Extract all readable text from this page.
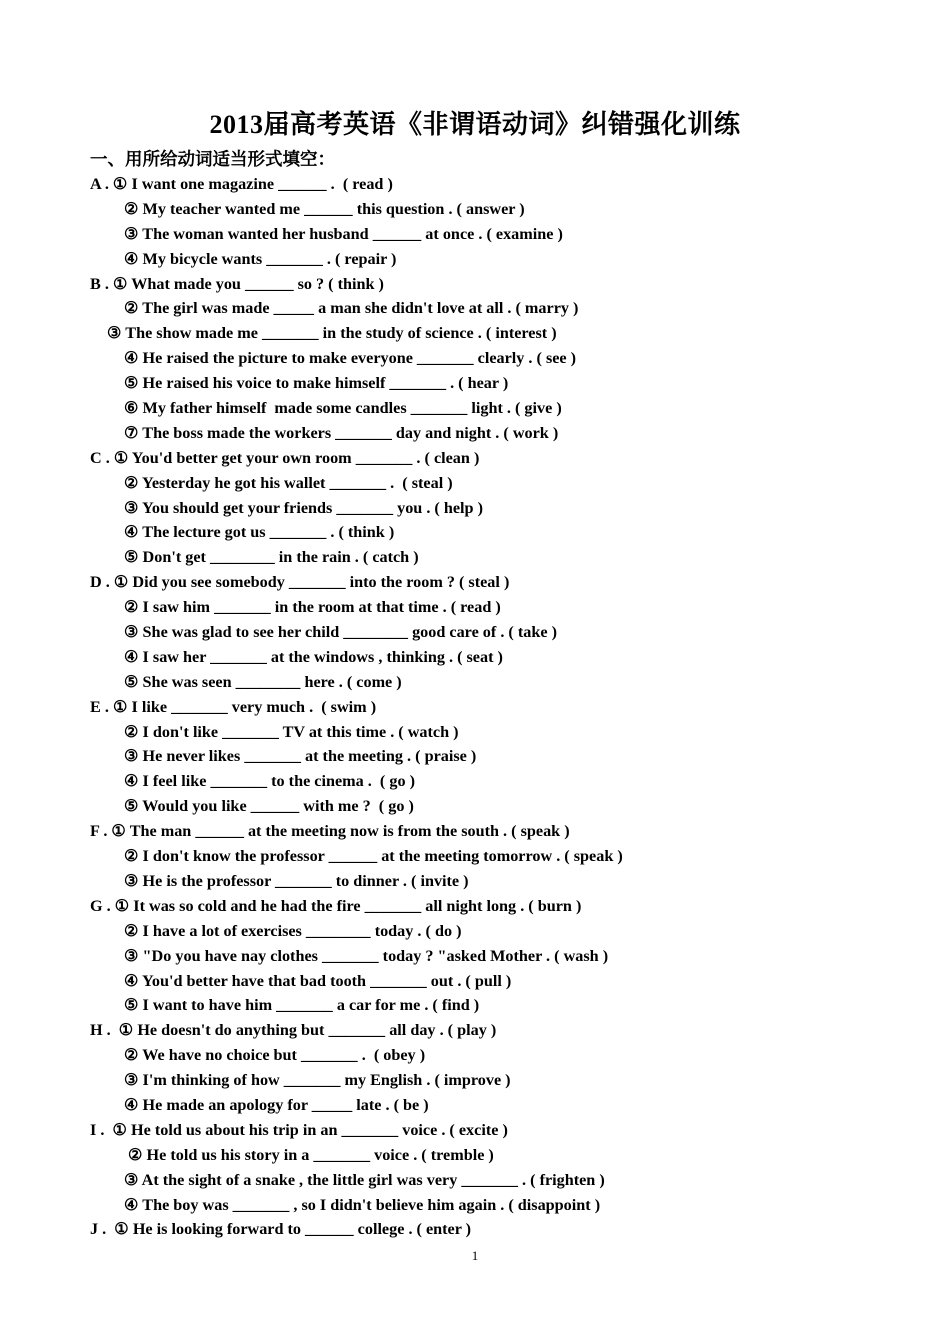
2013届高考英语《非谓语动词》纠错强化训练
一、用所给动词适当形式填空：
A . ① I want one magazine ______ .  ( read )
② My teacher wanted me ______ this question . ( answer )
③ The woman wanted her husband ______ at once . ( examine )
④ My bicycle wants _______ . ( repair )
B . ① What made you ______ so ? ( think )
② The girl was made _____ a man she didn't love at all . ( marry )
③ The show made me _______ in the study of science . ( interest )
④ He raised the picture to make everyone _______ clearly . ( see )
⑤ He raised his voice to make himself _______ . ( hear )
⑥ My father himself  made some candles _______ light . ( give )
⑦ The boss made the workers _______ day and night . ( work )
C . ① You'd better get your own room _______ . ( clean )
② Yesterday he got his wallet _______ .  ( steal )
③ You should get your friends _______ you . ( help )
④ The lecture got us _______ . ( think )
⑤ Don't get ________ in the rain . ( catch )
D . ① Did you see somebody _______ into the room ? ( steal )
② I saw him _______ in the room at that time . ( read )
③ She was glad to see her child ________ good care of . ( take )
④ I saw her _______ at the windows , thinking . ( seat )
⑤ She was seen ________ here . ( come )
E . ① I like _______ very much .  ( swim )
② I don't like _______ TV at this time . ( watch )
③ He never likes _______ at the meeting . ( praise )
④ I feel like _______ to the cinema .  ( go )
⑤ Would you like ______ with me ?  ( go )
F . ① The man ______ at the meeting now is from the south . ( speak )
② I don't know the professor ______ at the meeting tomorrow . ( speak )
③ He is the professor _______ to dinner . ( invite )
G . ① It was so cold and he had the fire _______ all night long . ( burn )
② I have a lot of exercises ________ today . ( do )
③ "Do you have nay clothes _______ today ? "asked Mother . ( wash )
④ You'd better have that bad tooth _______ out . ( pull )
⑤ I want to have him _______ a car for me . ( find )
H .  ① He doesn't do anything but _______ all day . ( play )
② We have no choice but _______ .  ( obey )
③ I'm thinking of how _______ my English . ( improve )
④ He made an apology for _____ late . ( be )
I .  ① He told us about his trip in an _______ voice . ( excite )
② He told us his story in a _______ voice . ( tremble )
③ At the sight of a snake , the little girl was very _______ . ( frighten )
④ The boy was _______ , so I didn't believe him again . ( disappoint )
J .  ① He is looking forward to ______ college . ( enter )
1
